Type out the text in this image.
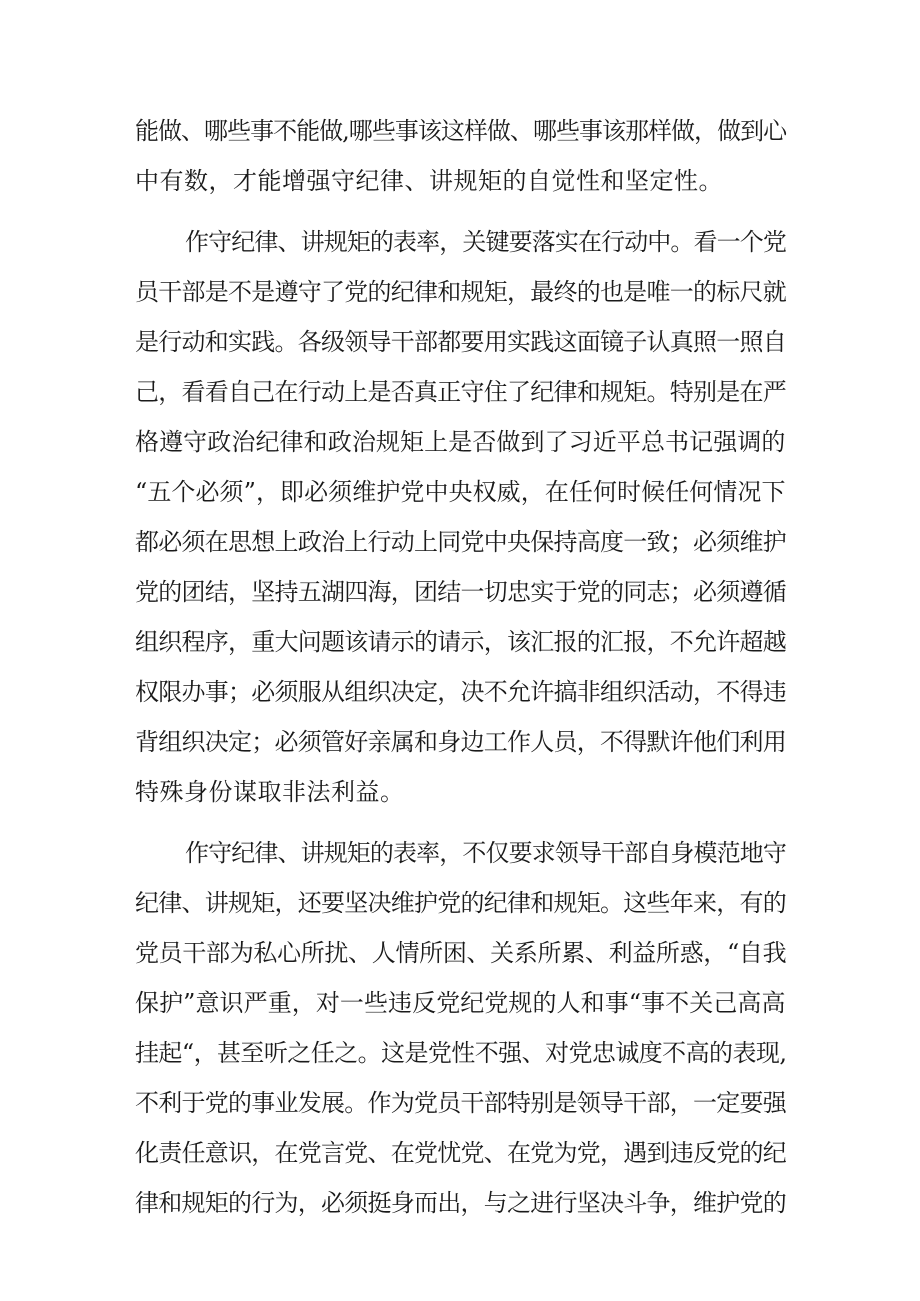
能做、哪些事不能做,哪些事该这样做、哪些事该那样做，做到心
中有数，才能增强守纪律、讲规矩的自觉性和坚定性。
作守纪律、讲规矩的表率，关键要落实在行动中。看一个党
员干部是不是遵守了党的纪律和规矩，最终的也是唯一的标尺就
是行动和实践。各级领导干部都要用实践这面镜子认真照一照自
己，看看自己在行动上是否真正守住了纪律和规矩。特别是在严
格遵守政治纪律和政治规矩上是否做到了习近平总书记强调的
“五个必须”，即必须维护党中央权威，在任何时候任何情况下
都必须在思想上政治上行动上同党中央保持高度一致；必须维护
党的团结，坚持五湖四海，团结一切忠实于党的同志；必须遵循
组织程序，重大问题该请示的请示，该汇报的汇报，不允许超越
权限办事；必须服从组织决定，决不允许搞非组织活动，不得违
背组织决定；必须管好亲属和身边工作人员，不得默许他们利用
特殊身份谋取非法利益。
作守纪律、讲规矩的表率，不仅要求领导干部自身模范地守
纪律、讲规矩，还要坚决维护党的纪律和规矩。这些年来，有的
党员干部为私心所扰、人情所困、关系所累、利益所惑，“自我
保护”意识严重，对一些违反党纪党规的人和事“事不关己高高
挂起“，甚至听之任之。这是党性不强、对党忠诚度不高的表现,
不利于党的事业发展。作为党员干部特别是领导干部，一定要强
化责任意识，在党言党、在党忧党、在党为党，遇到违反党的纪
律和规矩的行为，必须挺身而出，与之进行坚决斗争，维护党的
